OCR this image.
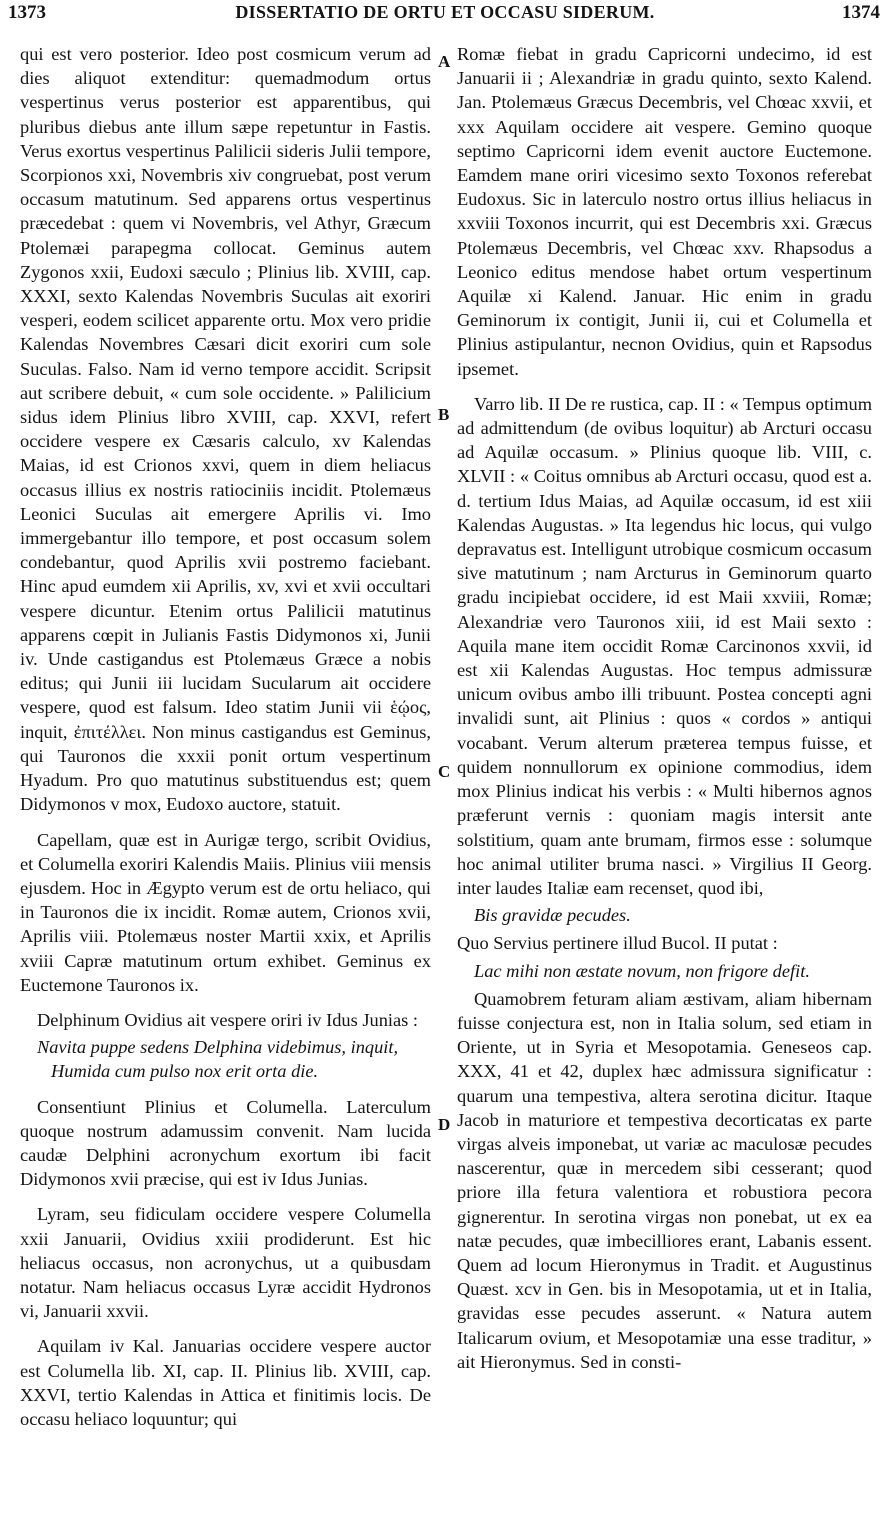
1373	DISSERTATIO DE ORTU ET OCCASU SIDERUM.	1374
A
B
C
D

qui est vero posterior. Ideo post cosmicum verum ad dies aliquot extenditur: quemadmodum ortus vespertinus verus posterior est apparentibus, qui pluribus diebus ante illum sæpe repetuntur in Fastis. Verus exortus vespertinus Palilicii sideris Julii tempore, Scorpionos xxi, Novembris xiv congruebat, post verum occasum matutinum. Sed apparens ortus vespertinus præcedebat : quem vi Novembris, vel Athyr, Græcum Ptolemæi parapegma collocat. Geminus autem Zygonos xxii, Eudoxi sæculo ; Plinius lib. XVIII, cap. XXXI, sexto Kalendas Novembris Suculas ait exoriri vesperi, eodem scilicet apparente ortu. Mox vero pridie Kalendas Novembres Cæsari dicit exoriri cum sole Suculas. Falso. Nam id verno tempore accidit. Scripsit aut scribere debuit, « cum sole occidente. » Palilicium sidus idem Plinius libro XVIII, cap. XXVI, refert occidere vespere ex Cæsaris calculo, xv Kalendas Maias, id est Crionos xxvi, quem in diem heliacus occasus illius ex nostris ratiociniis incidit. Ptolemæus Leonici Suculas ait emergere Aprilis vi. Imo immergebantur illo tempore, et post occasum solem condebantur, quod Aprilis xvii postremo faciebant. Hinc apud eumdem xii Aprilis, xv, xvi et xvii occultari vespere dicuntur. Etenim ortus Palilicii matutinus apparens cœpit in Julianis Fastis Didymonos xi, Junii iv. Unde castigandus est Ptolemæus Græce a nobis editus; qui Junii iii lucidam Sucularum ait occidere vespere, quod est falsum. Ideo statim Junii vii ἑῴος, inquit, ἐπιτέλλει. Non minus castigandus est Geminus, qui Tauronos die xxxii ponit ortum vespertinum Hyadum. Pro quo matutinus substituendus est; quem Didymonos v mox, Eudoxo auctore, statuit.

Capellam, quæ est in Aurigæ tergo, scribit Ovidius, et Columella exoriri Kalendis Maiis. Plinius viii mensis ejusdem. Hoc in Ægypto verum est de ortu heliaco, qui in Tauronos die ix incidit. Romæ autem, Crionos xvii, Aprilis viii. Ptolemæus noster Martii xxix, et Aprilis xviii Capræ matutinum ortum exhibet. Geminus ex Euctemone Tauronos ix.

Delphinum Ovidius ait vespere oriri iv Idus Junias :

Navita puppe sedens Delphina videbimus, inquit,
Humida cum pulso nox erit orta die.

Consentiunt Plinius et Columella. Laterculum quoque nostrum adamussim convenit. Nam lucida caudæ Delphini acronychum exortum ibi facit Didymonos xvii præcise, qui est iv Idus Junias.

Lyram, seu fidiculam occidere vespere Columella xxii Januarii, Ovidius xxiii prodiderunt. Est hic heliacus occasus, non acronychus, ut a quibusdam notatur. Nam heliacus occasus Lyræ accidit Hydronos vi, Januarii xxvii.

Aquilam iv Kal. Januarias occidere vespere auctor est Columella lib. XI, cap. II. Plinius lib. XVIII, cap. XXVI, tertio Kalendas in Attica et finitimis locis. De occasu heliaco loquuntur; qui

Romæ fiebat in gradu Capricorni undecimo, id est Januarii ii ; Alexandriæ in gradu quinto, sexto Kalend. Jan. Ptolemæus Græcus Decembris, vel Chœac xxvii, et xxx Aquilam occidere ait vespere. Gemino quoque septimo Capricorni idem evenit auctore Euctemone. Eamdem mane oriri vicesimo sexto Toxonos referebat Eudoxus. Sic in laterculo nostro ortus illius heliacus in xxviii Toxonos incurrit, qui est Decembris xxi. Græcus Ptolemæus Decembris, vel Chœac xxv. Rhapsodus a Leonico editus mendose habet ortum vespertinum Aquilæ xi Kalend. Januar. Hic enim in gradu Geminorum ix contigit, Junii ii, cui et Columella et Plinius astipulantur, necnon Ovidius, quin et Rapsodus ipsemet.

Varro lib. II De re rustica, cap. II : « Tempus optimum ad admittendum (de ovibus loquitur) ab Arcturi occasu ad Aquilæ occasum. » Plinius quoque lib. VIII, c. XLVII : « Coitus omnibus ab Arcturi occasu, quod est a. d. tertium Idus Maias, ad Aquilæ occasum, id est xiii Kalendas Augustas. » Ita legendus hic locus, qui vulgo depravatus est. Intelligunt utrobique cosmicum occasum sive matutinum ; nam Arcturus in Geminorum quarto gradu incipiebat occidere, id est Maii xxviii, Romæ; Alexandriæ vero Tauronos xiii, id est Maii sexto : Aquila mane item occidit Romæ Carcinonos xxvii, id est xii Kalendas Augustas. Hoc tempus admissuræ unicum ovibus ambo illi tribuunt. Postea concepti agni invalidi sunt, ait Plinius : quos « cordos » antiqui vocabant. Verum alterum præterea tempus fuisse, et quidem nonnullorum ex opinione commodius, idem mox Plinius indicat his verbis : « Multi hibernos agnos præferunt vernis : quoniam magis intersit ante solstitium, quam ante brumam, firmos esse : solumque hoc animal utiliter bruma nasci. » Virgilius II Georg. inter laudes Italiæ eam recenset, quod ibi,

Bis gravidæ pecudes.

Quo Servius pertinere illud Bucol. II putat :

Lac mihi non æstate novum, non frigore defit.

Quamobrem feturam aliam æstivam, aliam hibernam fuisse conjectura est, non in Italia solum, sed etiam in Oriente, ut in Syria et Mesopotamia. Geneseos cap. XXX, 41 et 42, duplex hæc admissura significatur : quarum una tempestiva, altera serotina dicitur. Itaque Jacob in maturiore et tempestiva decorticatas ex parte virgas alveis imponebat, ut variæ ac maculosæ pecudes nascerentur, quæ in mercedem sibi cesserant; quod priore illa fetura valentiora et robustiora pecora gignerentur. In serotina virgas non ponebat, ut ex ea natæ pecudes, quæ imbecilliores erant, Labanis essent. Quem ad locum Hieronymus in Tradit. et Augustinus Quæst. xcv in Gen. bis in Mesopotamia, ut et in Italia, gravidas esse pecudes asserunt. « Natura autem Italicarum ovium, et Mesopotamiæ una esse traditur, » ait Hieronymus. Sed in consti-
